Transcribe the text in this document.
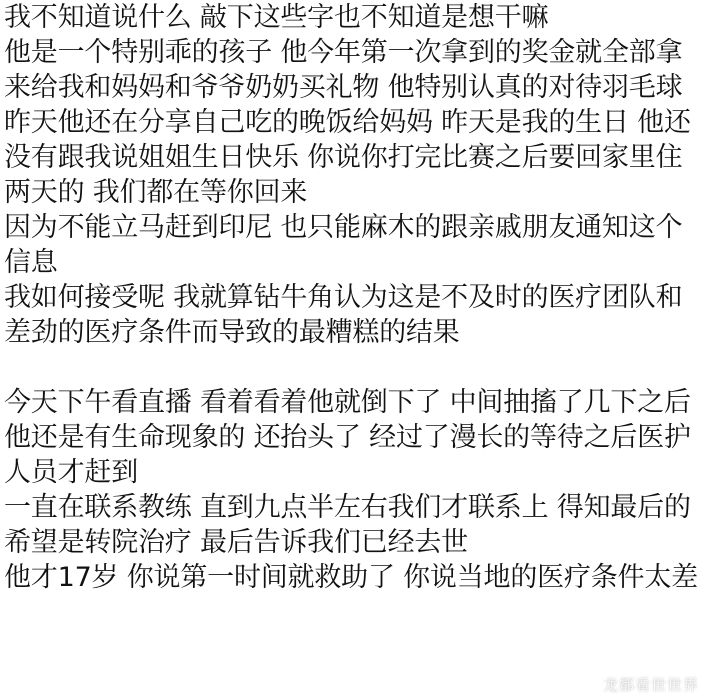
我不知道说什么 敲下这些字也不知道是想干嘛
他是一个特别乖的孩子 他今年第一次拿到的奖金就全部拿
来给我和妈妈和爷爷奶奶买礼物 他特别认真的对待羽毛球
昨天他还在分享自己吃的晚饭给妈妈 昨天是我的生日 他还
没有跟我说姐姐生日快乐 你说你打完比赛之后要回家里住
两天的 我们都在等你回来
因为不能立马赶到印尼 也只能麻木的跟亲戚朋友通知这个
信息
我如何接受呢 我就算钻牛角认为这是不及时的医疗团队和
差劲的医疗条件而导致的最糟糕的结果
今天下午看直播 看着看着他就倒下了 中间抽搐了几下之后
他还是有生命现象的 还抬头了 经过了漫长的等待之后医护
人员才赶到
一直在联系教练 直到九点半左右我们才联系上 得知最后的
希望是转院治疗 最后告诉我们已经去世
他才17岁 你说第一时间就救助了 你说当地的医疗条件太差
龙都看世世界
